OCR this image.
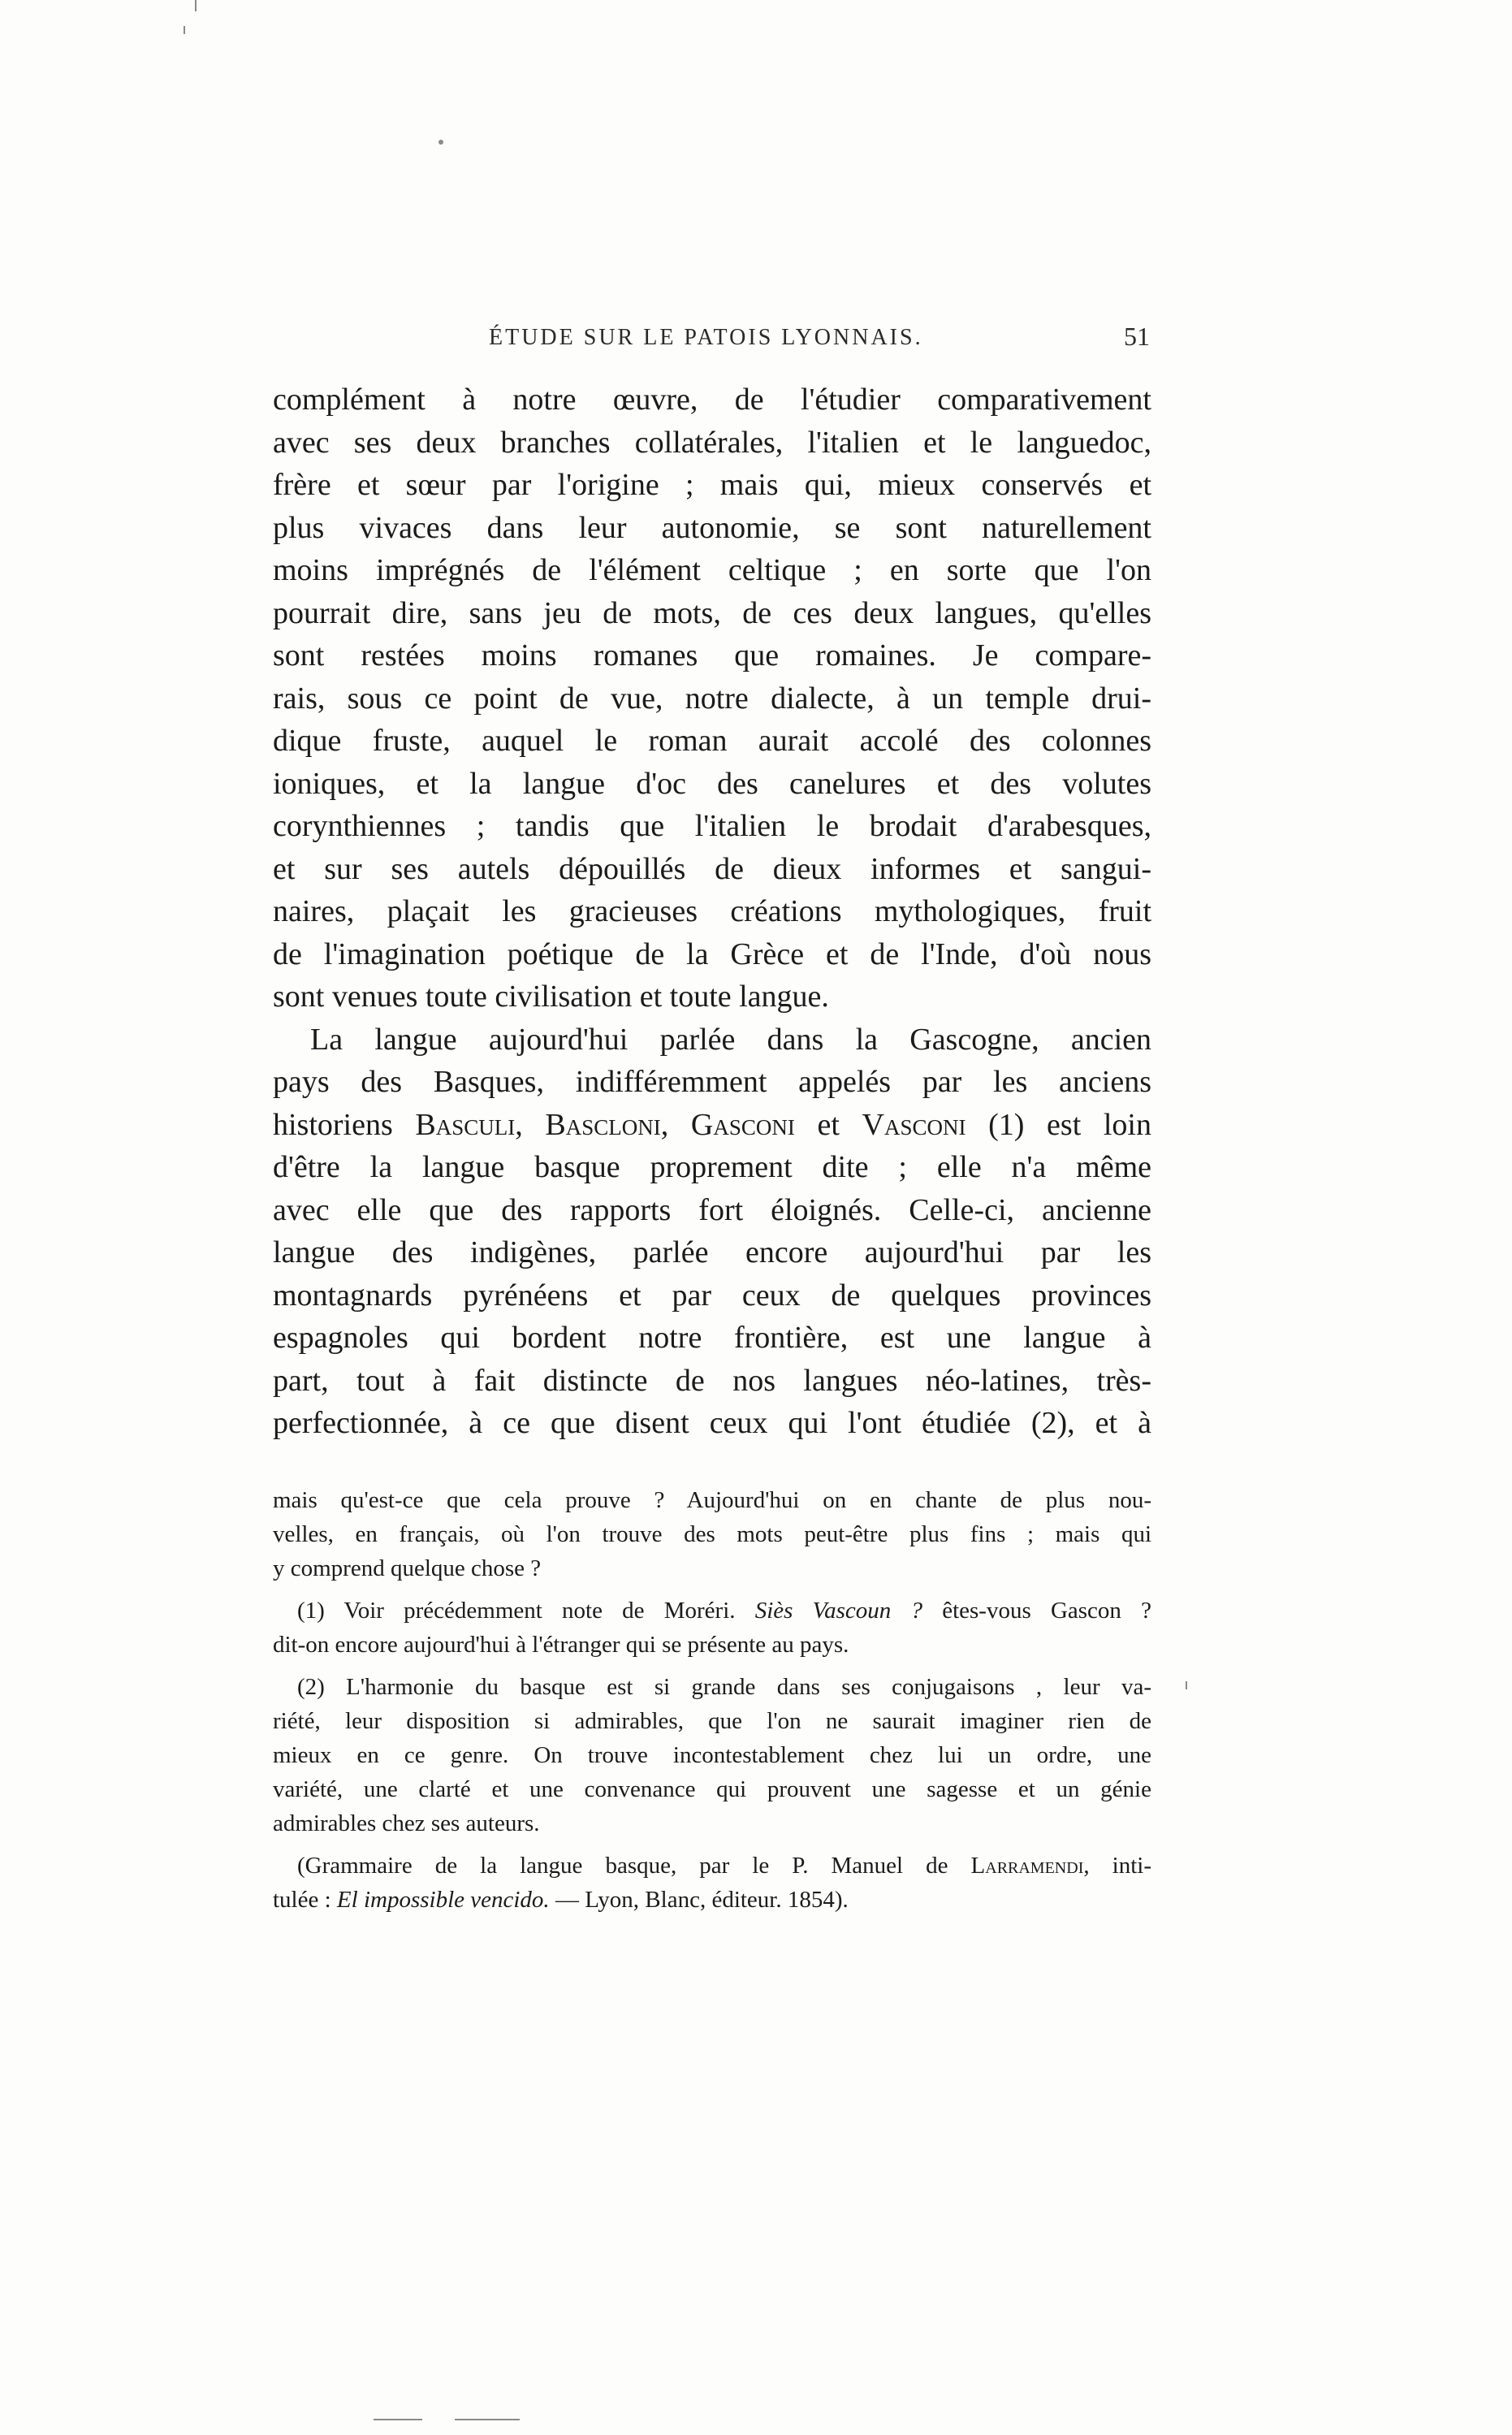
ÉTUDE SUR LE PATOIS LYONNAIS.	51
complément à notre œuvre, de l'étudier comparativement
avec ses deux branches collatérales, l'italien et le languedoc,
frère et sœur par l'origine ; mais qui, mieux conservés et
plus vivaces dans leur autonomie, se sont naturellement
moins imprégnés de l'élément celtique ; en sorte que l'on
pourrait dire, sans jeu de mots, de ces deux langues, qu'elles
sont restées moins romanes que romaines. Je compare-
rais, sous ce point de vue, notre dialecte, à un temple drui-
dique fruste, auquel le roman aurait accolé des colonnes
ioniques, et la langue d'oc des canelures et des volutes
corynthiennes ; tandis que l'italien le brodait d'arabesques,
et sur ses autels dépouillés de dieux informes et sangui-
naires, plaçait les gracieuses créations mythologiques, fruit
de l'imagination poétique de la Grèce et de l'Inde, d'où nous
sont venues toute civilisation et toute langue.
La langue aujourd'hui parlée dans la Gascogne, ancien
pays des Basques, indifféremment appelés par les anciens
historiens Basculi, Bascloni, Gasconi et Vasconi (1) est loin
d'être la langue basque proprement dite ; elle n'a même
avec elle que des rapports fort éloignés. Celle-ci, ancienne
langue des indigènes, parlée encore aujourd'hui par les
montagnards pyrénéens et par ceux de quelques provinces
espagnoles qui bordent notre frontière, est une langue à
part, tout à fait distincte de nos langues néo-latines, très-
perfectionnée, à ce que disent ceux qui l'ont étudiée (2), et à
mais qu'est-ce que cela prouve ? Aujourd'hui on en chante de plus nou-
velles, en français, où l'on trouve des mots peut-être plus fins ; mais qui
y comprend quelque chose ?
(1) Voir précédemment note de Moréri. Siès Vascoun ? êtes-vous Gascon ?
dit-on encore aujourd'hui à l'étranger qui se présente au pays.
(2) L'harmonie du basque est si grande dans ses conjugaisons , leur va-
riété, leur disposition si admirables, que l'on ne saurait imaginer rien de
mieux en ce genre. On trouve incontestablement chez lui un ordre, une
variété, une clarté et une convenance qui prouvent une sagesse et un génie
admirables chez ses auteurs.
(Grammaire de la langue basque, par le P. Manuel de Larramendi, inti-
tulée : El impossible vencido. — Lyon, Blanc, éditeur. 1854).
